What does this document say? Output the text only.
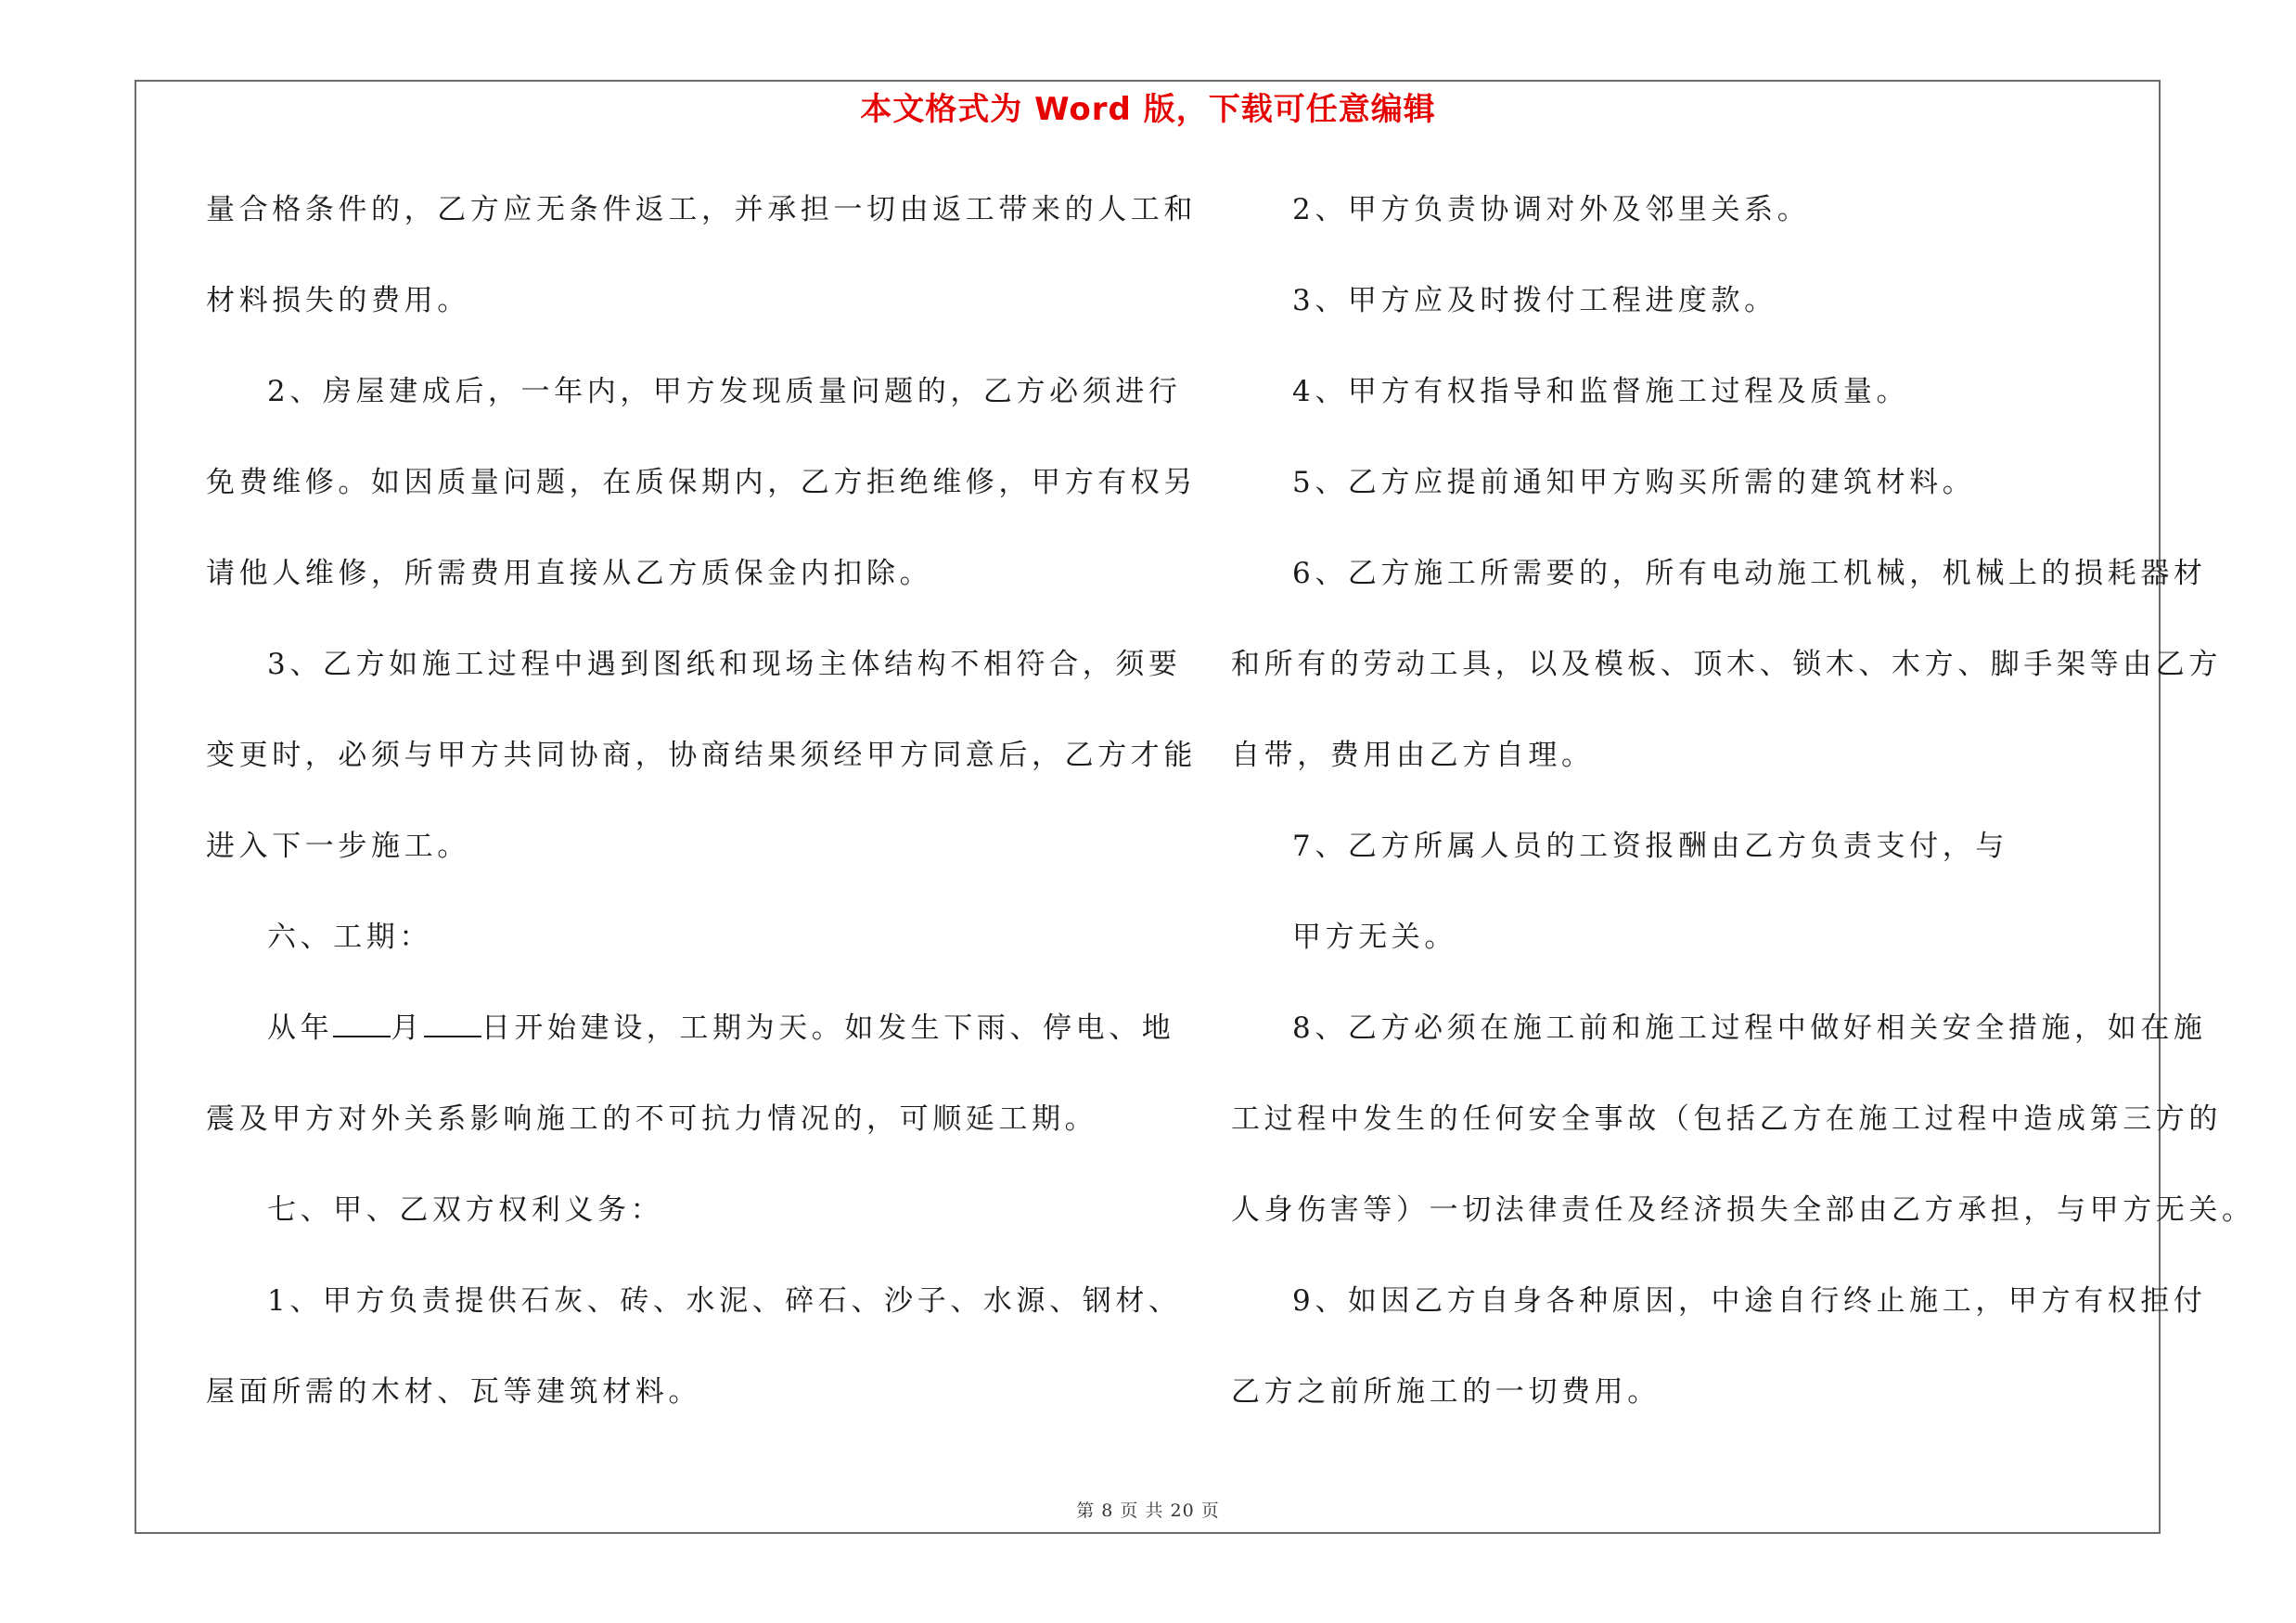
本文格式为 Word 版，下载可任意编辑
量合格条件的，乙方应无条件返工，并承担一切由返工带来的人工和
材料损失的费用。
2、房屋建成后，一年内，甲方发现质量问题的，乙方必须进行
免费维修。如因质量问题，在质保期内，乙方拒绝维修，甲方有权另
请他人维修，所需费用直接从乙方质保金内扣除。
3、乙方如施工过程中遇到图纸和现场主体结构不相符合，须要
变更时，必须与甲方共同协商，协商结果须经甲方同意后，乙方才能
进入下一步施工。
六、工期：
从年 月 日开始建设，工期为天。如发生下雨、停电、地
震及甲方对外关系影响施工的不可抗力情况的，可顺延工期。
七、甲、乙双方权利义务：
1、甲方负责提供石灰、砖、水泥、碎石、沙子、水源、钢材、
屋面所需的木材、瓦等建筑材料。
2、甲方负责协调对外及邻里关系。
3、甲方应及时拨付工程进度款。
4、甲方有权指导和监督施工过程及质量。
5、乙方应提前通知甲方购买所需的建筑材料。
6、乙方施工所需要的，所有电动施工机械，机械上的损耗器材
和所有的劳动工具，以及模板、顶木、锁木、木方、脚手架等由乙方
自带，费用由乙方自理。
7、乙方所属人员的工资报酬由乙方负责支付，与
甲方无关。
8、乙方必须在施工前和施工过程中做好相关安全措施，如在施
工过程中发生的任何安全事故（包括乙方在施工过程中造成第三方的
人身伤害等）一切法律责任及经济损失全部由乙方承担，与甲方无关。
9、如因乙方自身各种原因，中途自行终止施工，甲方有权拒付
乙方之前所施工的一切费用。
第 8 页 共 20 页
